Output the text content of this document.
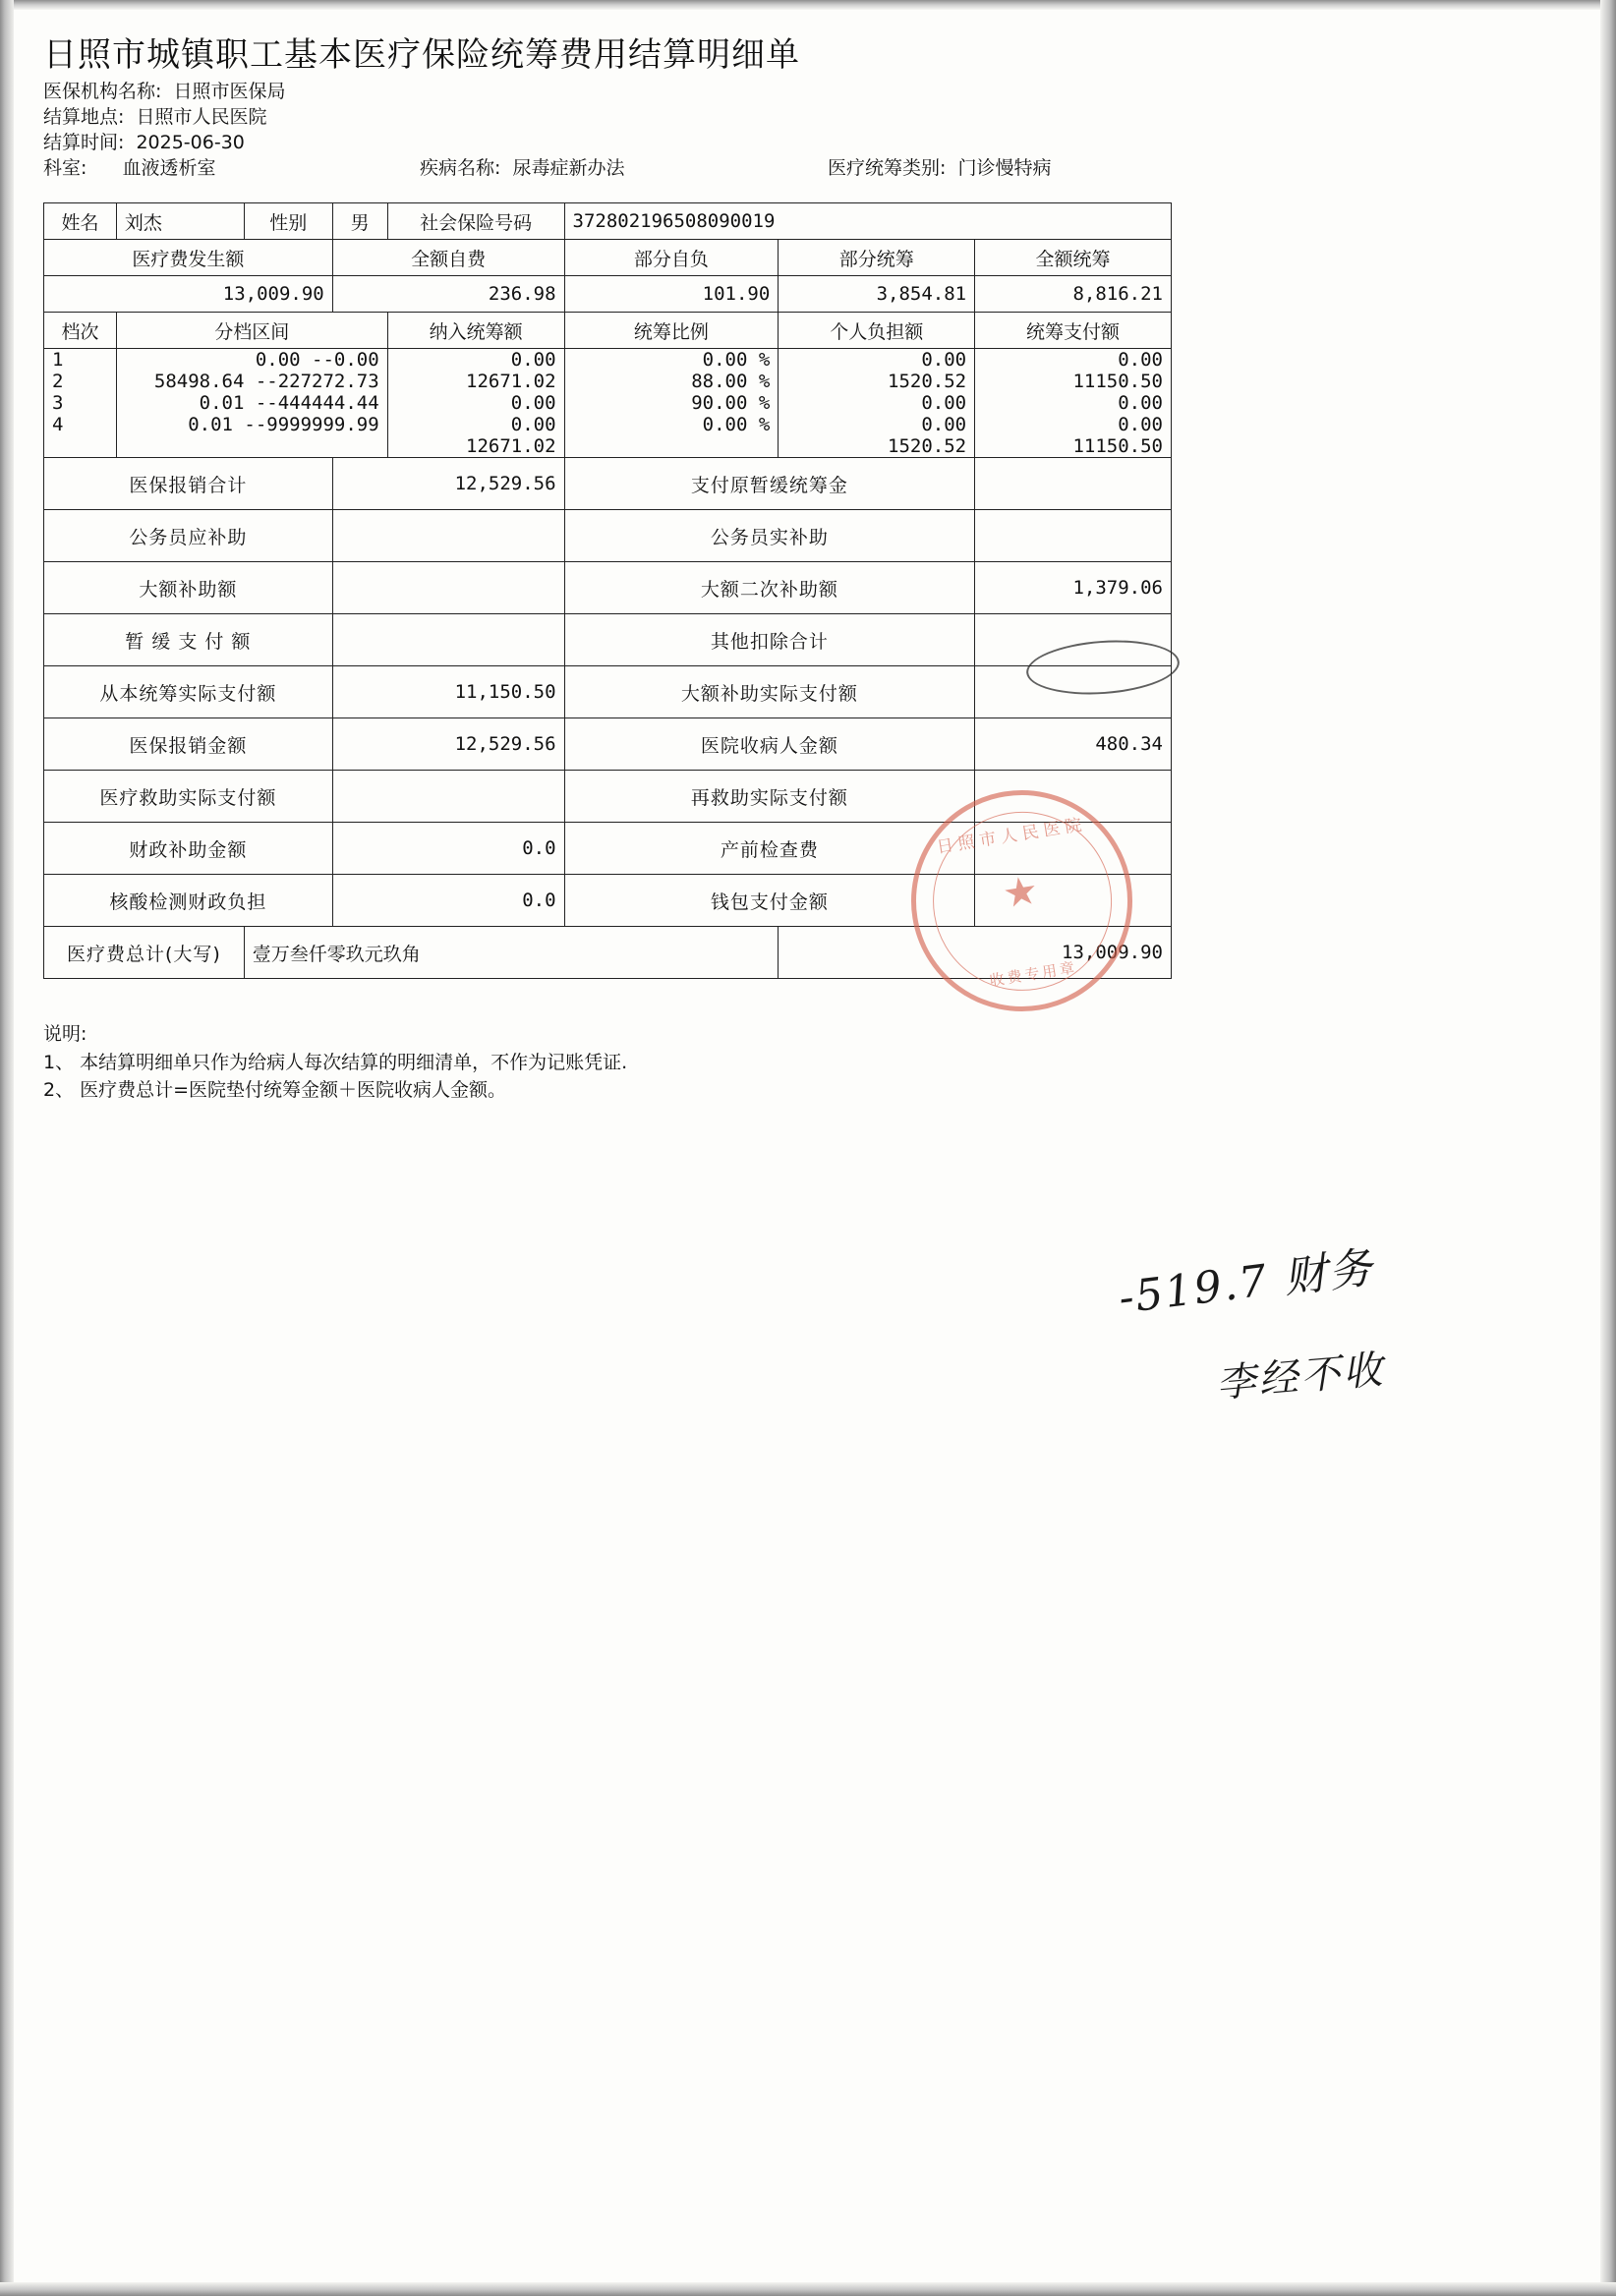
日照市城镇职工基本医疗保险统筹费用结算明细单
医保机构名称: 日照市医保局
结算地点: 日照市人民医院
结算时间: 2025-06-30
科室: 血液透析室	疾病名称: 尿毒症新办法	医疗统筹类别: 门诊慢特病
姓名	刘杰	性别	男	社会保险号码	372802196508090019		
医疗费发生额			全额自费		部分自负	部分统筹	全额统筹
13,009.90			236.98		101.90	3,854.81	8,816.21
档次	分档区间			纳入统筹额	统筹比例	个人负担额	统筹支付额
1	0.00 --0.00			0.00	0.00 %	0.00	0.00
2	58498.64 --227272.73			12671.02	88.00 %	1520.52	11150.50
3	0.01 --444444.44			0.00	90.00 %	0.00	0.00
4	0.01 --9999999.99			0.00	0.00 %	0.00	0.00
				12671.02		1520.52	11150.50
医保报销合计			12,529.56		支付原暂缓统筹金		
公务员应补助					公务员实补助		
大额补助额					大额二次补助额		1,379.06
暂 缓 支 付 额					其他扣除合计		
从本统筹实际支付额			11,150.50		大额补助实际支付额		
医保报销金额			12,529.56		医院收病人金额		480.34
医疗救助实际支付额					再救助实际支付额		
财政补助金额			0.0		产前检查费		
核酸检测财政负担			0.0		钱包支付金额		
医疗费总计(大写)		壹万叁仟零玖元玖角				13,009.90	
说明:
1、 本结算明细单只作为给病人每次结算的明细清单，不作为记账凭证.
2、 医疗费总计=医院垫付统筹金额＋医院收病人金额。
日照市人民医院
★
收费专用章
-519.7 财务
李经不收
